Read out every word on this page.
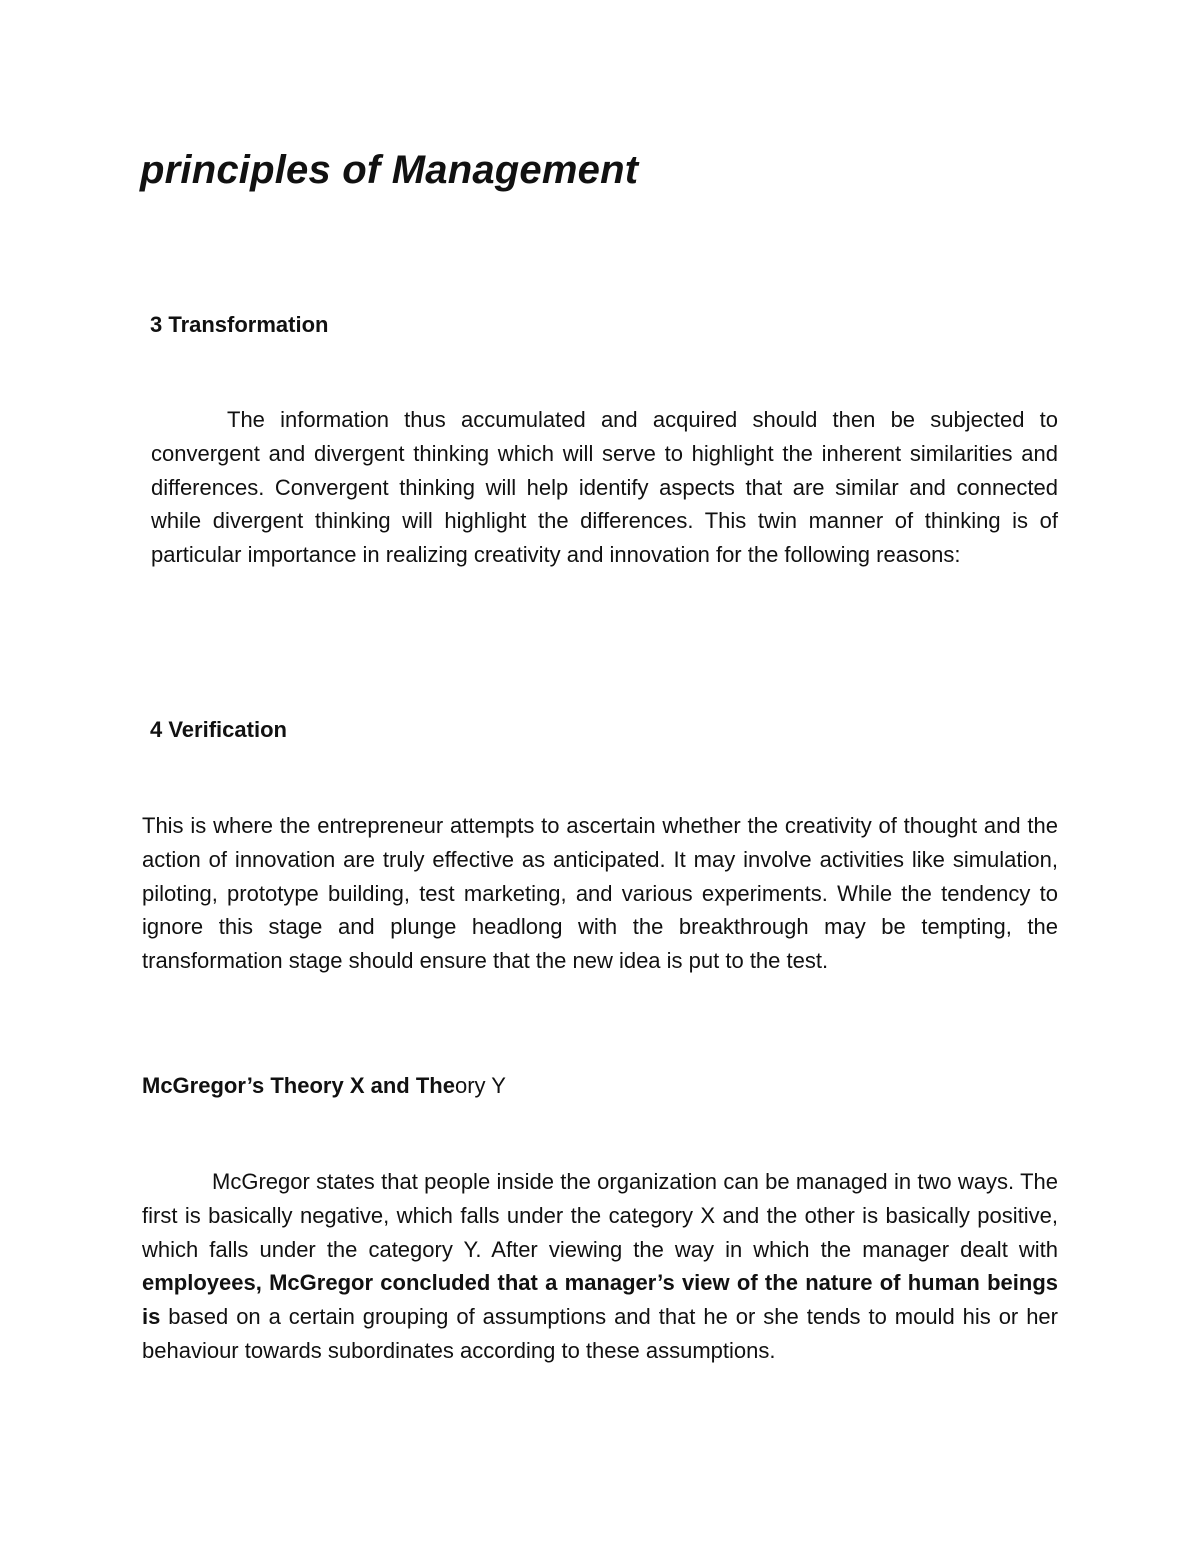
principles of Management
3 Transformation

The information thus accumulated and acquired should then be subjected to convergent and divergent thinking which will serve to highlight the inherent similarities and differences. Convergent thinking will help identify aspects that are similar and connected while divergent thinking will highlight the differences. This twin manner of thinking is of particular importance in realizing creativity and innovation for the following reasons:

4 Verification

This is where the entrepreneur attempts to ascertain whether the creativity of thought and the action of innovation are truly effective as anticipated. It may involve activities like simulation, piloting, prototype building, test marketing, and various experiments. While the tendency to ignore this stage and plunge headlong with the breakthrough may be tempting, the transformation stage should ensure that the new idea is put to the test.

McGregor’s Theory X and Theory Y

McGregor states that people inside the organization can be managed in two ways. The first is basically negative, which falls under the category X and the other is basically positive, which falls under the category Y. After viewing the way in which the manager dealt with employees, McGregor concluded that a manager’s view of the nature of human beings is based on a certain grouping of assumptions and that he or she tends to mould his or her behaviour towards subordinates according to these assumptions.
